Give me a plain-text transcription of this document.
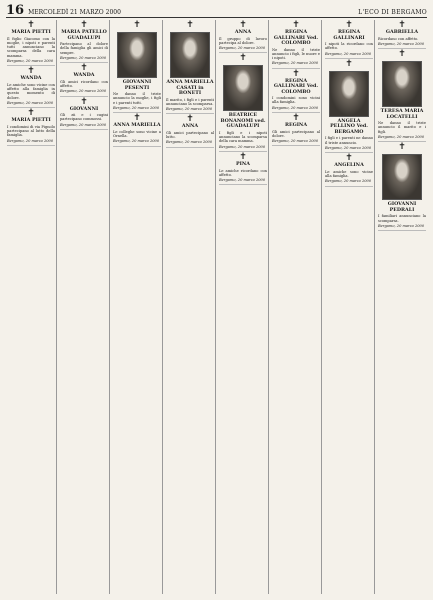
16 MERCOLEDÌ 21 MARZO 2000	L'ECO DI BERGAMO
✝
MARIA PIETTI
Il figlio Giacomo con la moglie, i nipoti e parenti tutti annunciano la scomparsa della cara mamma.
Bergamo, 20 marzo 2000
✝
WANDA
Le amiche sono vicine con affetto alla famiglia in questo momento di dolore.
Bergamo, 20 marzo 2000
✝
MARIA PIETTI
I condomini di via Pignolo partecipano al lutto della famiglia.
Bergamo, 20 marzo 2000
✝
MARIA PATELLO GUADALUPI
Partecipano al dolore della famiglia gli amici di sempre.
Bergamo, 20 marzo 2000
✝
WANDA
Gli amici ricordano con affetto.
Bergamo, 20 marzo 2000
✝
GIOVANNI
Gli zii e i cugini partecipano commossi.
Bergamo, 20 marzo 2000
✝
GIOVANNI PESENTI
Ne danno il triste annuncio la moglie, i figli e i parenti tutti.
Bergamo, 20 marzo 2000
✝
ANNA MARIELLA
Le colleghe sono vicine a Ornella.
Bergamo, 20 marzo 2000
✝
ANNA MARIELLA CASATI in BONETI
Il marito, i figli e i parenti annunciano la scomparsa.
Bergamo, 20 marzo 2000
✝
ANNA
Gli amici partecipano al lutto.
Bergamo, 20 marzo 2000
✝
ANNA
Il gruppo di lavoro partecipa al dolore.
Bergamo, 20 marzo 2000
✝
BEATRICE BONANOMI ved. GUADALUPI
I figli e i nipoti annunciano la scomparsa della cara mamma.
Bergamo, 20 marzo 2000
✝
PINA
Le amiche ricordano con affetto.
Bergamo, 20 marzo 2000
✝
REGINA GALLINARI Ved. COLOMBO
Ne danno il triste annuncio i figli, le nuore e i nipoti.
Bergamo, 20 marzo 2000
✝
REGINA GALLINARI Ved. COLOMBO
I condomini sono vicini alla famiglia.
Bergamo, 20 marzo 2000
✝
REGINA
Gli amici partecipano al dolore.
Bergamo, 20 marzo 2000
✝
REGINA GALLINARI
I nipoti la ricordano con affetto.
Bergamo, 20 marzo 2000
✝
ANGELA PELLINO Ved. BERGAMO
I figli e i parenti ne danno il triste annuncio.
Bergamo, 20 marzo 2000
✝
ANGELINA
Le amiche sono vicine alla famiglia.
Bergamo, 20 marzo 2000
✝
GABRIELLA
Ricordano con affetto.
Bergamo, 20 marzo 2000
✝
TERESA MARIA LOCATELLI
Ne danno il triste annuncio il marito e i figli.
Bergamo, 20 marzo 2000
✝
GIOVANNI PEDRALI
I familiari annunciano la scomparsa.
Bergamo, 20 marzo 2000
